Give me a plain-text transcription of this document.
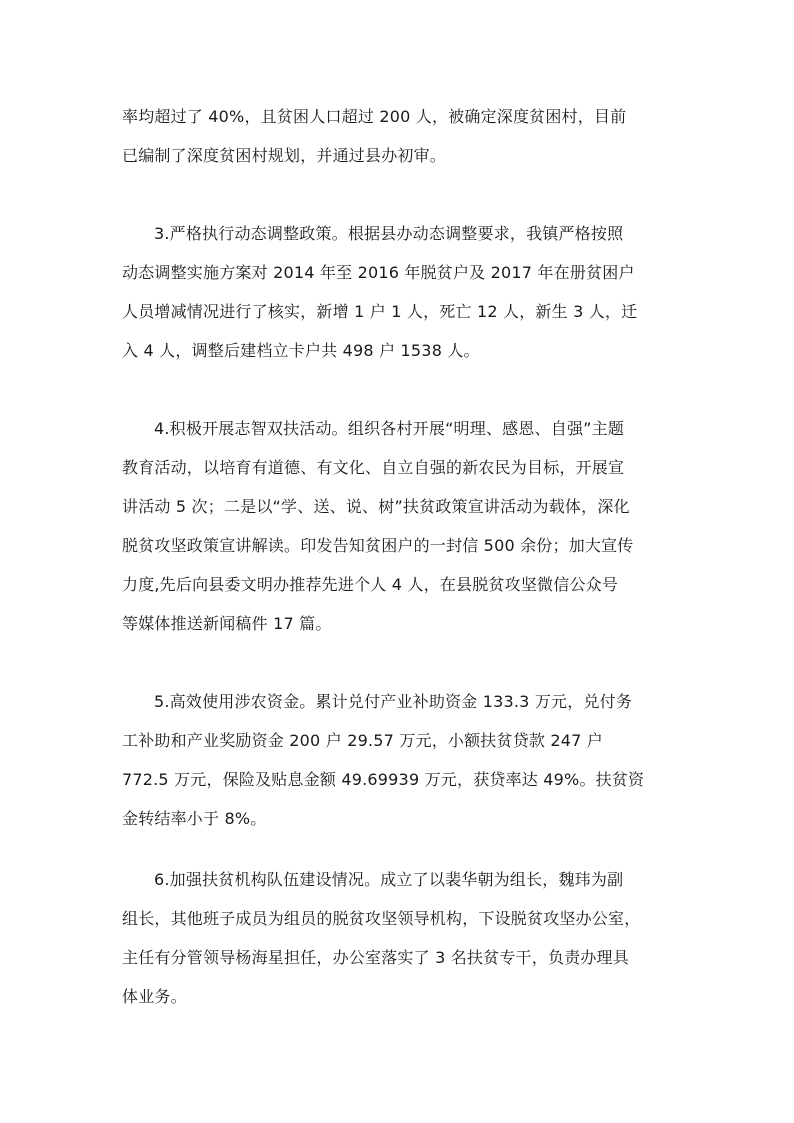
率均超过了 40%，且贫困人口超过 200 人，被确定深度贫困村，目前
已编制了深度贫困村规划，并通过县办初审。
3.严格执行动态调整政策。根据县办动态调整要求，我镇严格按照
动态调整实施方案对 2014 年至 2016 年脱贫户及 2017 年在册贫困户
人员增减情况进行了核实，新增 1 户 1 人，死亡 12 人，新生 3 人，迁
入 4 人，调整后建档立卡户共 498 户 1538 人。
4.积极开展志智双扶活动。组织各村开展“明理、感恩、自强”主题
教育活动，以培育有道德、有文化、自立自强的新农民为目标，开展宣
讲活动 5 次；二是以“学、送、说、树”扶贫政策宣讲活动为载体，深化
脱贫攻坚政策宣讲解读。印发告知贫困户的一封信 500 余份；加大宣传
力度,先后向县委文明办推荐先进个人 4 人，在县脱贫攻坚微信公众号
等媒体推送新闻稿件 17 篇。
5.高效使用涉农资金。累计兑付产业补助资金 133.3 万元，兑付务
工补助和产业奖励资金 200 户 29.57 万元，小额扶贫贷款 247 户
772.5 万元，保险及贴息金额 49.69939 万元，获贷率达 49%。扶贫资
金转结率小于 8%。
6.加强扶贫机构队伍建设情况。成立了以裴华朝为组长，魏玮为副
组长，其他班子成员为组员的脱贫攻坚领导机构，下设脱贫攻坚办公室，
主任有分管领导杨海星担任，办公室落实了 3 名扶贫专干，负责办理具
体业务。
